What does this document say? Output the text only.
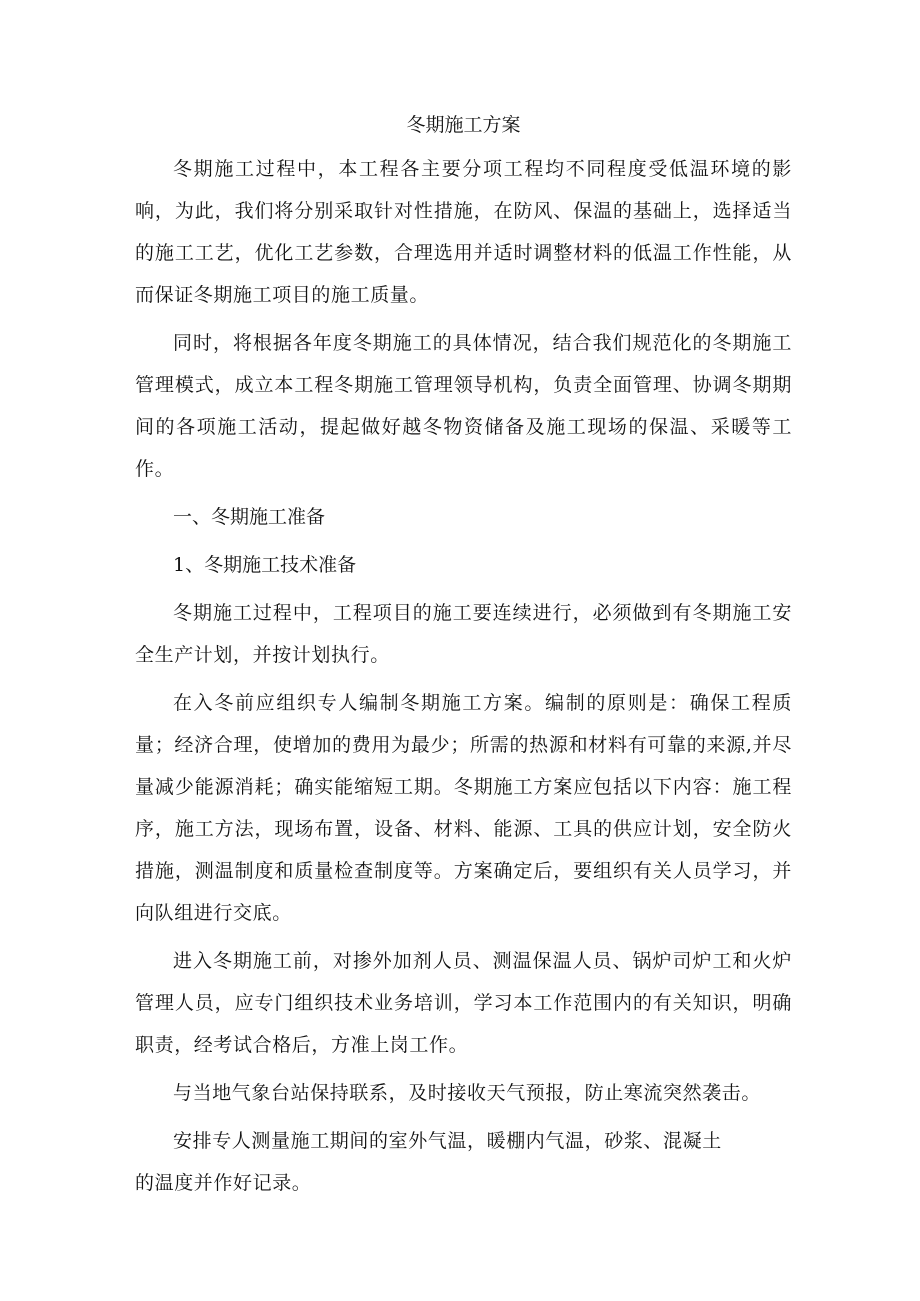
冬期施工方案

冬期施工过程中，本工程各主要分项工程均不同程度受低温环境的影响，为此，我们将分别采取针对性措施，在防风、保温的基础上，选择适当的施工工艺，优化工艺参数，合理选用并适时调整材料的低温工作性能，从而保证冬期施工项目的施工质量。

同时，将根据各年度冬期施工的具体情况，结合我们规范化的冬期施工管理模式，成立本工程冬期施工管理领导机构，负责全面管理、协调冬期期间的各项施工活动，提起做好越冬物资储备及施工现场的保温、采暖等工作。

一、冬期施工准备

1、冬期施工技术准备

冬期施工过程中，工程项目的施工要连续进行，必须做到有冬期施工安全生产计划，并按计划执行。

在入冬前应组织专人编制冬期施工方案。编制的原则是：确保工程质量；经济合理，使增加的费用为最少；所需的热源和材料有可靠的来源,并尽量减少能源消耗；确实能缩短工期。冬期施工方案应包括以下内容：施工程序，施工方法，现场布置，设备、材料、能源、工具的供应计划，安全防火措施，测温制度和质量检查制度等。方案确定后，要组织有关人员学习，并向队组进行交底。

进入冬期施工前，对掺外加剂人员、测温保温人员、锅炉司炉工和火炉管理人员，应专门组织技术业务培训，学习本工作范围内的有关知识，明确职责，经考试合格后，方准上岗工作。

与当地气象台站保持联系，及时接收天气预报，防止寒流突然袭击。

安排专人测量施工期间的室外气温，暖棚内气温，砂浆、混凝土的温度并作好记录。
